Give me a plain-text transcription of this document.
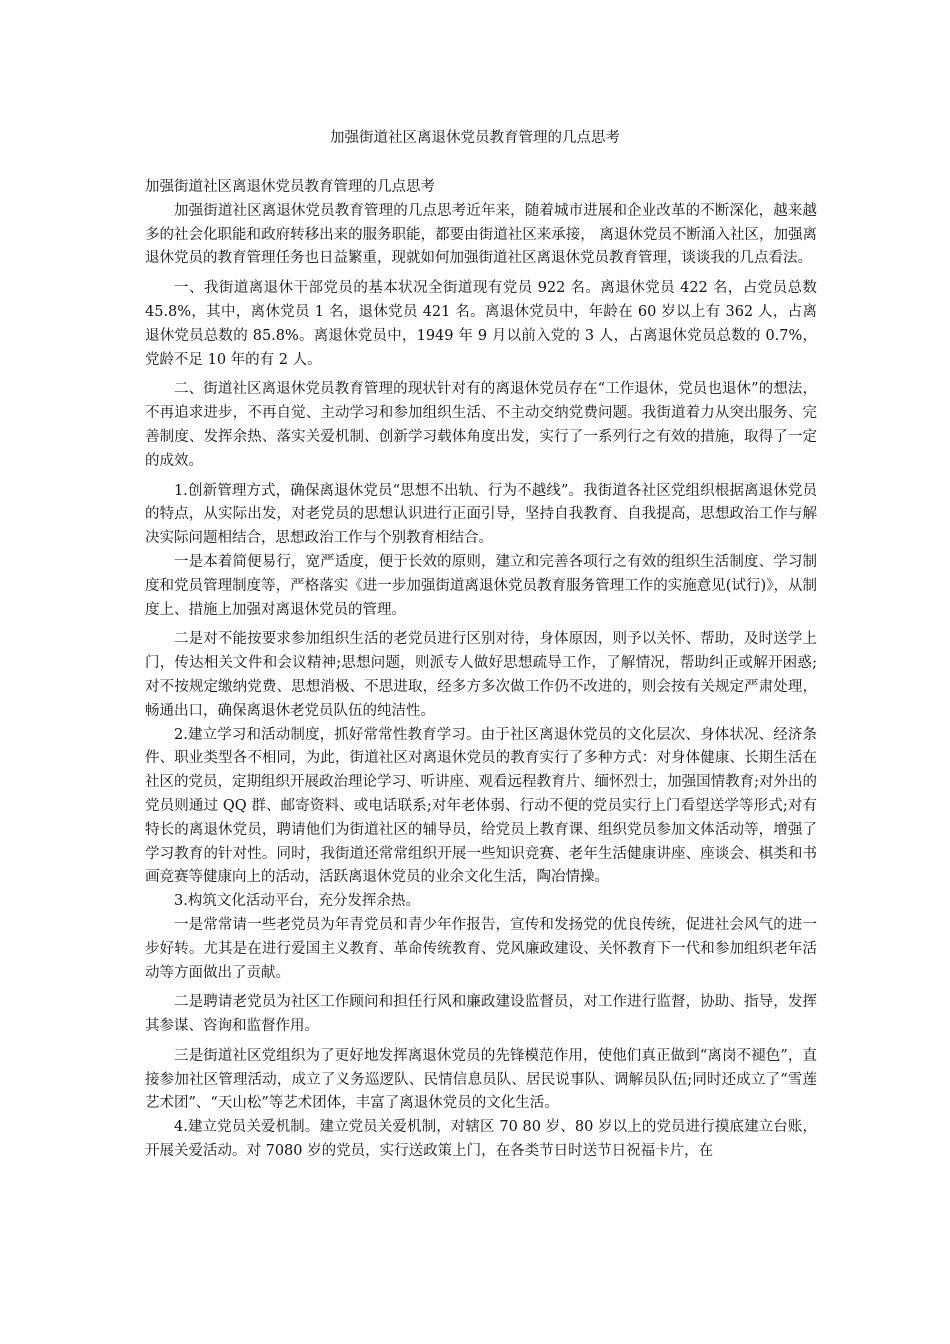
加强街道社区离退休党员教育管理的几点思考

加强街道社区离退休党员教育管理的几点思考

加强街道社区离退休党员教育管理的几点思考近年来，随着城市进展和企业改革的不断深化，越来越多的社会化职能和政府转移出来的服务职能，都要由街道社区来承接， 离退休党员不断涌入社区，加强离退休党员的教育管理任务也日益繁重，现就如何加强街道社区离退休党员教育管理，谈谈我的几点看法。

一、我街道离退休干部党员的基本状况全街道现有党员 922 名。离退休党员 422 名，占党员总数 45.8%，其中，离休党员 1 名，退休党员 421 名。离退休党员中，年龄在 60 岁以上有 362 人，占离退休党员总数的 85.8%。离退休党员中，1949 年 9 月以前入党的 3 人，占离退休党员总数的 0.7%，党龄不足 10 年的有 2 人。

二、街道社区离退休党员教育管理的现状针对有的离退休党员存在“工作退休，党员也退休”的想法，不再追求进步，不再自觉、主动学习和参加组织生活、不主动交纳党费问题。我街道着力从突出服务、完善制度、发挥余热、落实关爱机制、创新学习载体角度出发，实行了一系列行之有效的措施，取得了一定的成效。

1.创新管理方式，确保离退休党员“思想不出轨、行为不越线”。我街道各社区党组织根据离退休党员的特点，从实际出发，对老党员的思想认识进行正面引导，坚持自我教育、自我提高，思想政治工作与解决实际问题相结合，思想政治工作与个别教育相结合。

一是本着简便易行，宽严适度，便于长效的原则，建立和完善各项行之有效的组织生活制度、学习制度和党员管理制度等，严格落实《进一步加强街道离退休党员教育服务管理工作的实施意见(试行)》，从制度上、措施上加强对离退休党员的管理。

二是对不能按要求参加组织生活的老党员进行区别对待，身体原因，则予以关怀、帮助，及时送学上门，传达相关文件和会议精神;思想问题，则派专人做好思想疏导工作，了解情况，帮助纠正或解开困惑;对不按规定缴纳党费、思想消极、不思进取，经多方多次做工作仍不改进的，则会按有关规定严肃处理，畅通出口，确保离退休老党员队伍的纯洁性。

2.建立学习和活动制度，抓好常常性教育学习。由于社区离退休党员的文化层次、身体状况、经济条件、职业类型各不相同，为此，街道社区对离退休党员的教育实行了多种方式：对身体健康、长期生活在社区的党员，定期组织开展政治理论学习、听讲座、观看远程教育片、缅怀烈士，加强国情教育;对外出的党员则通过 QQ 群、邮寄资料、或电话联系;对年老体弱、行动不便的党员实行上门看望送学等形式;对有特长的离退休党员，聘请他们为街道社区的辅导员，给党员上教育课、组织党员参加文体活动等，增强了学习教育的针对性。同时，我街道还常常组织开展一些知识竞赛、老年生活健康讲座、座谈会、棋类和书画竞赛等健康向上的活动，活跃离退休党员的业余文化生活，陶冶情操。

3.构筑文化活动平台，充分发挥余热。

一是常常请一些老党员为年青党员和青少年作报告，宣传和发扬党的优良传统，促进社会风气的进一步好转。尤其是在进行爱国主义教育、革命传统教育、党风廉政建设、关怀教育下一代和参加组织老年活动等方面做出了贡献。

二是聘请老党员为社区工作顾问和担任行风和廉政建设监督员，对工作进行监督，协助、指导，发挥其参谋、咨询和监督作用。

三是街道社区党组织为了更好地发挥离退休党员的先锋模范作用，使他们真正做到“离岗不褪色”，直接参加社区管理活动，成立了义务巡逻队、民情信息员队、居民说事队、调解员队伍;同时还成立了“雪莲艺术团”、“天山松”等艺术团体，丰富了离退休党员的文化生活。

4.建立党员关爱机制。建立党员关爱机制，对辖区 70 80 岁、80 岁以上的党员进行摸底建立台账，开展关爱活动。对 7080 岁的党员，实行送政策上门，在各类节日时送节日祝福卡片，在
